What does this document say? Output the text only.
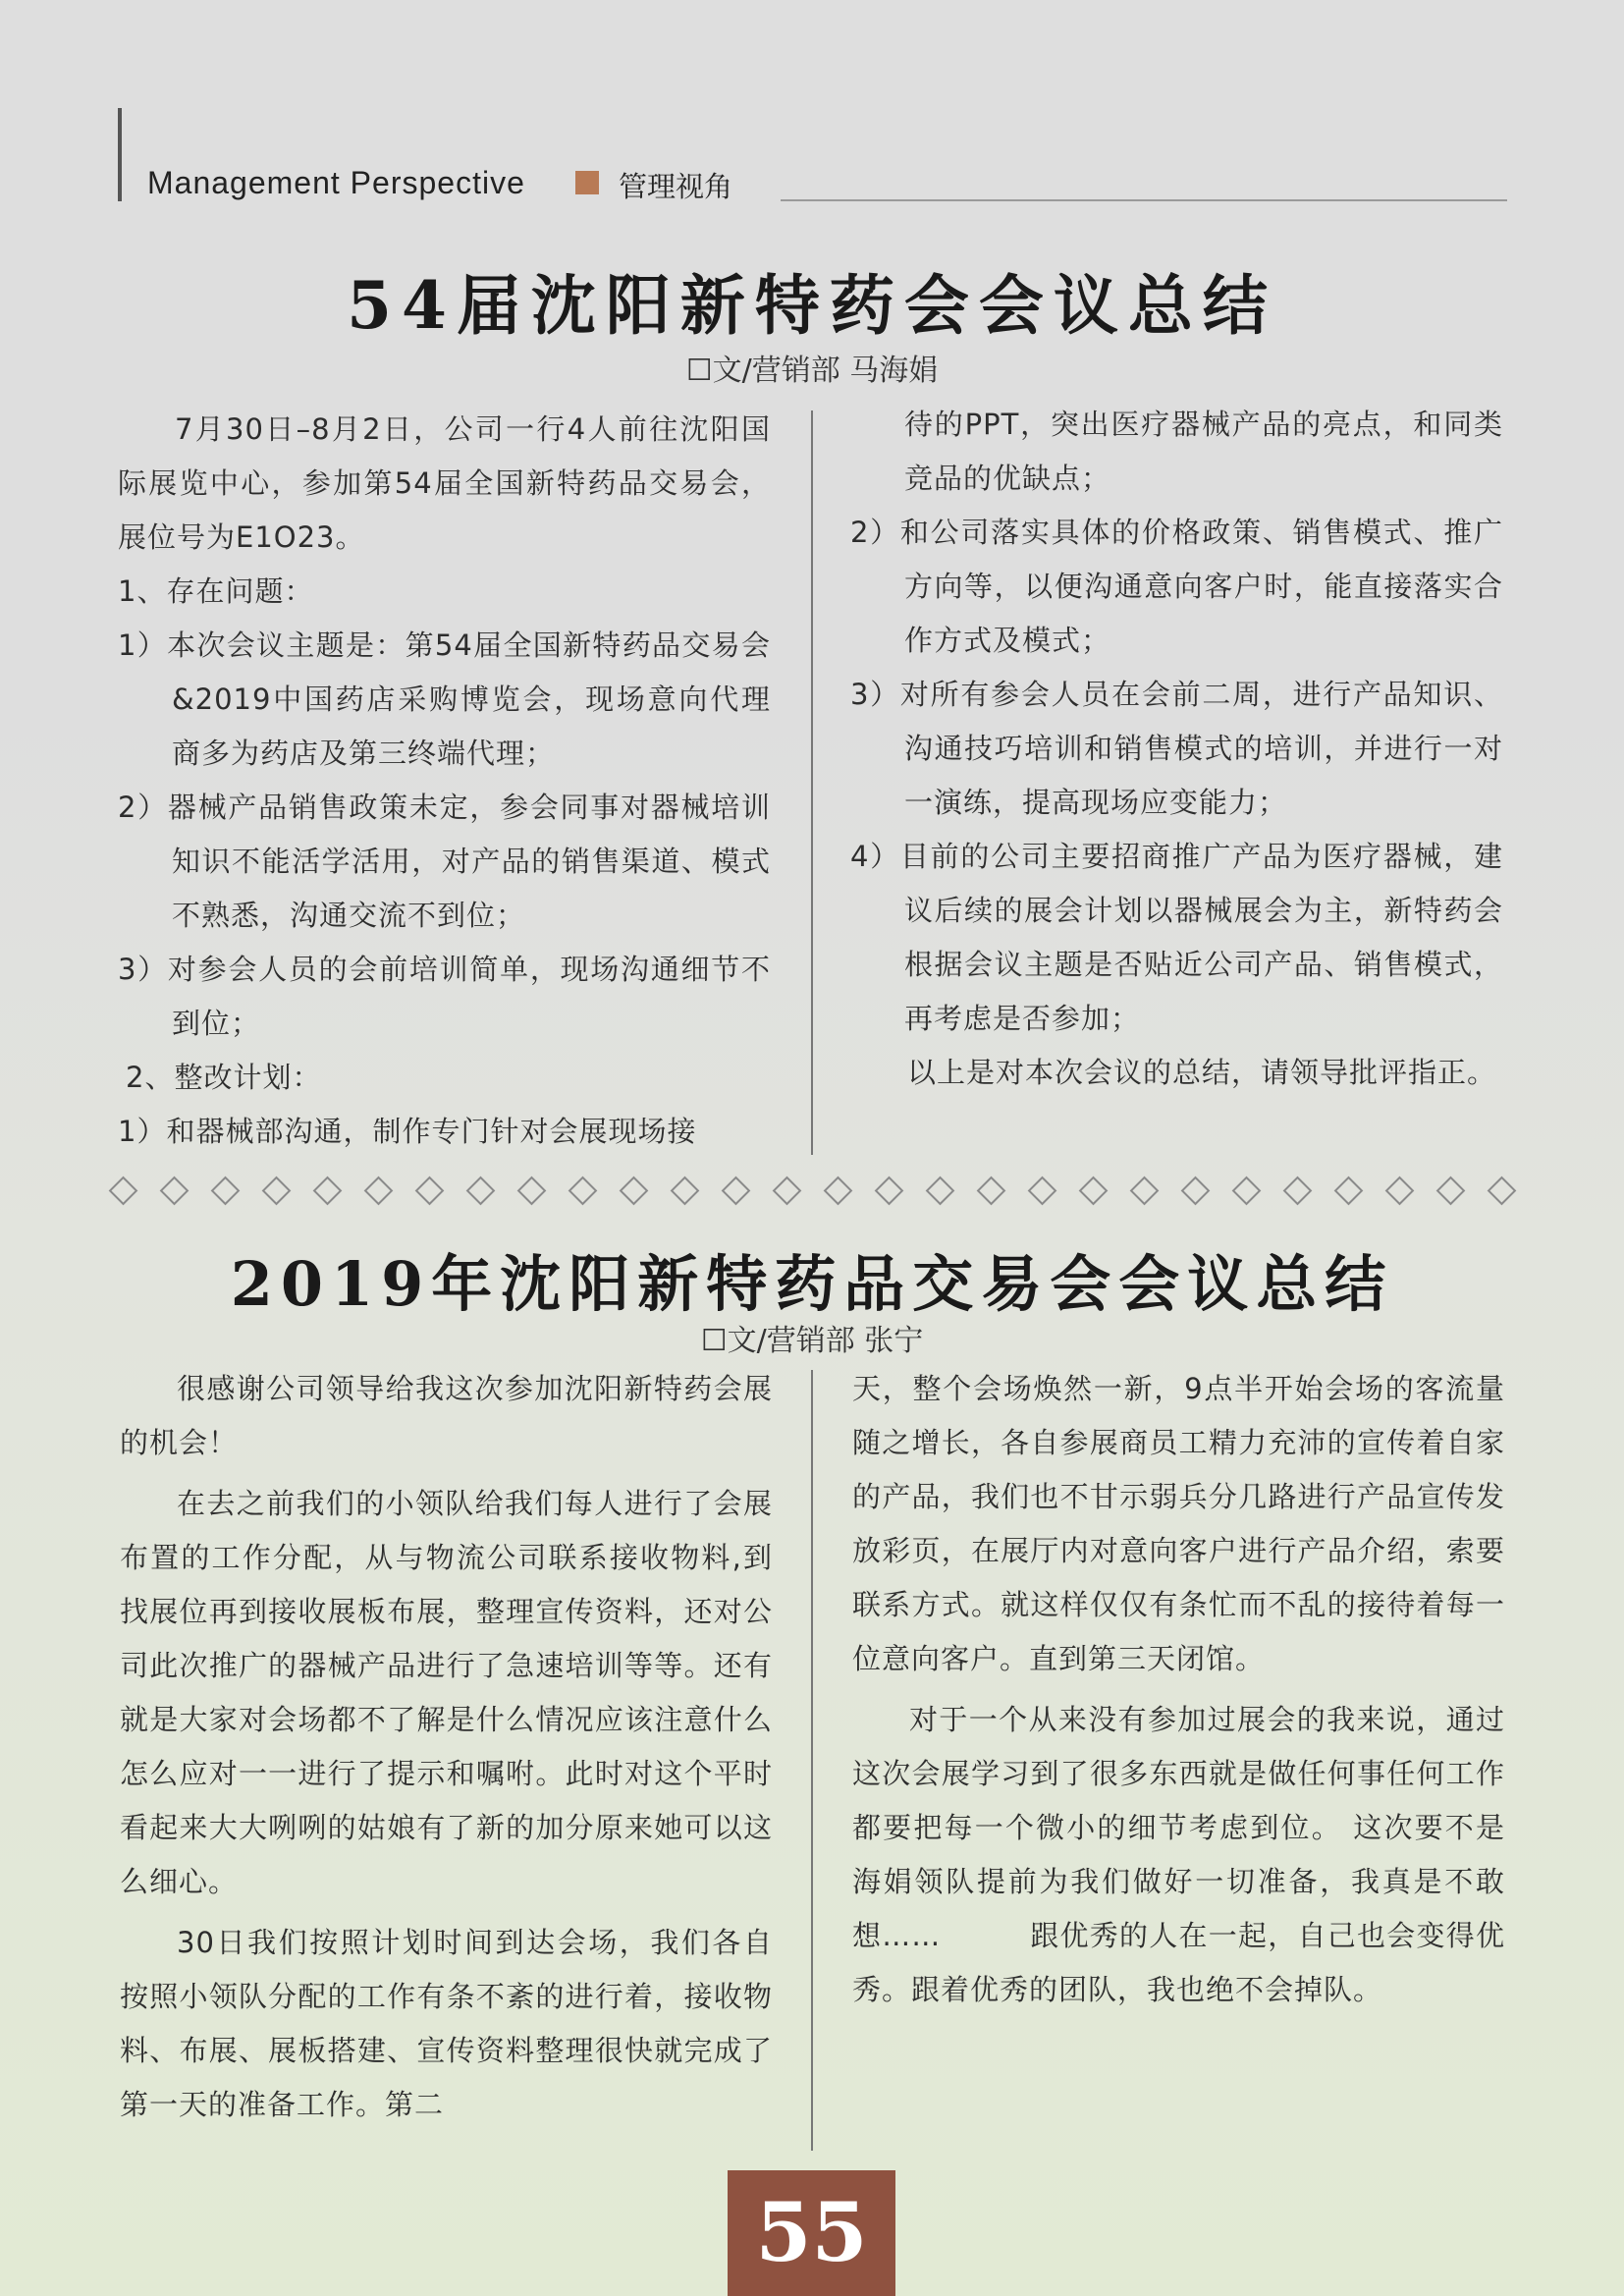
Management Perspective	管理视角
54届沈阳新特药会会议总结
☐文/营销部 马海娟

7月30日–8月2日，公司一行4人前往沈阳国际展览中心，参加第54届全国新特药品交易会，展位号为E1O23。

1、存在问题：

1）本次会议主题是：第54届全国新特药品交易会&2019中国药店采购博览会，现场意向代理商多为药店及第三终端代理；

2）器械产品销售政策未定，参会同事对器械培训知识不能活学活用，对产品的销售渠道、模式不熟悉，沟通交流不到位；

3）对参会人员的会前培训简单，现场沟通细节不到位；

2、整改计划：

1）和器械部沟通，制作专门针对会展现场接

待的PPT，突出医疗器械产品的亮点，和同类竞品的优缺点；

2）和公司落实具体的价格政策、销售模式、推广方向等，以便沟通意向客户时，能直接落实合作方式及模式；

3）对所有参会人员在会前二周，进行产品知识、沟通技巧培训和销售模式的培训，并进行一对一演练，提高现场应变能力；

4）目前的公司主要招商推广产品为医疗器械，建议后续的展会计划以器械展会为主，新特药会根据会议主题是否贴近公司产品、销售模式，再考虑是否参加；

以上是对本次会议的总结，请领导批评指正。

2019年沈阳新特药品交易会会议总结
☐文/营销部 张宁

很感谢公司领导给我这次参加沈阳新特药会展的机会！

在去之前我们的小领队给我们每人进行了会展布置的工作分配，从与物流公司联系接收物料,到找展位再到接收展板布展，整理宣传资料，还对公司此次推广的器械产品进行了急速培训等等。还有就是大家对会场都不了解是什么情况应该注意什么怎么应对一一进行了提示和嘱咐。此时对这个平时看起来大大咧咧的姑娘有了新的加分原来她可以这么细心。

30日我们按照计划时间到达会场，我们各自按照小领队分配的工作有条不紊的进行着，接收物料、布展、展板搭建、宣传资料整理很快就完成了第一天的准备工作。第二

天，整个会场焕然一新，9点半开始会场的客流量随之增长，各自参展商员工精力充沛的宣传着自家的产品，我们也不甘示弱兵分几路进行产品宣传发放彩页，在展厅内对意向客户进行产品介绍，索要联系方式。就这样仅仅有条忙而不乱的接待着每一位意向客户。直到第三天闭馆。

对于一个从来没有参加过展会的我来说，通过这次会展学习到了很多东西就是做任何事任何工作都要把每一个微小的细节考虑到位。 这次要不是海娟领队提前为我们做好一切准备，我真是不敢想……　　　跟优秀的人在一起，自己也会变得优秀。跟着优秀的团队，我也绝不会掉队。

55
